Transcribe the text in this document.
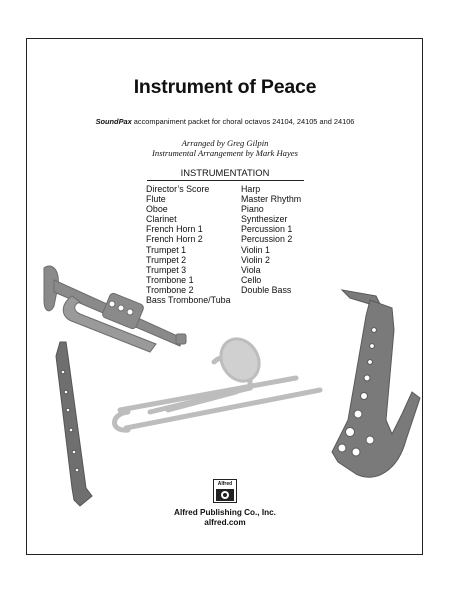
Instrument of Peace
SoundPax accompaniment packet for choral octavos 24104, 24105 and 24106
Arranged by Greg Gilpin
Instrumental Arrangement by Mark Hayes
INSTRUMENTATION
Director’s Score
Flute
Oboe
Clarinet
French Horn 1
French Horn 2
Trumpet 1
Trumpet 2
Trumpet 3
Trombone 1
Trombone 2
Bass Trombone/Tuba
Harp
Master Rhythm
Piano
Synthesizer
Percussion 1
Percussion 2
Violin 1
Violin 2
Viola
Cello
Double Bass
Alfred
Alfred Publishing Co., Inc.
alfred.com
